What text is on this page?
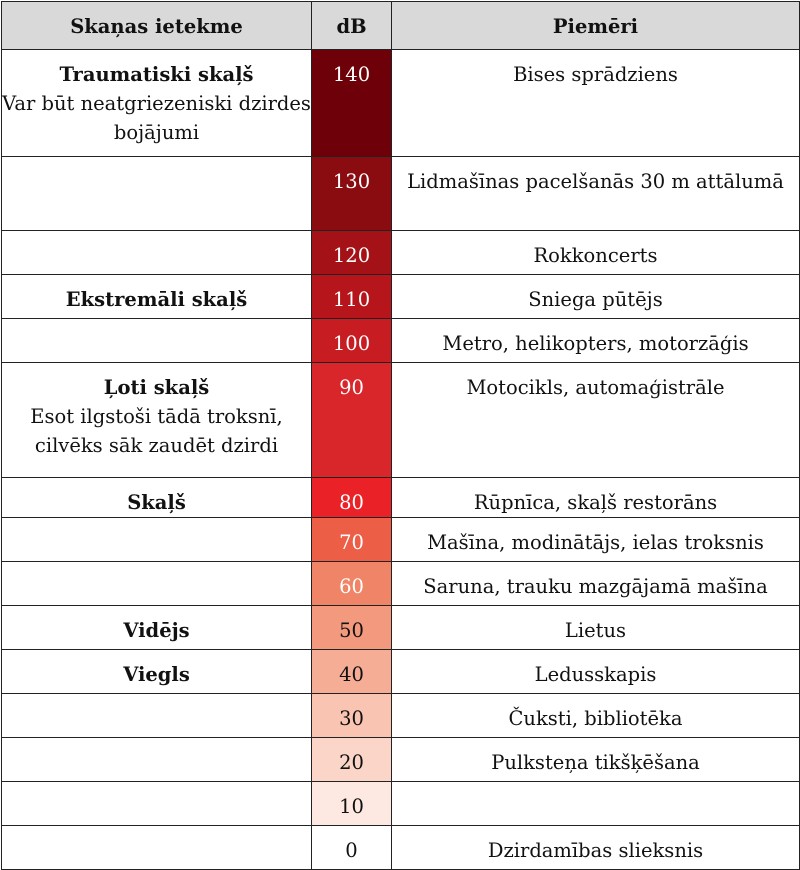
Skaņas ietekme	dB	Piemēri

Traumatiski skaļš
Var būt neatgriezeniski dzirdes bojājumi	140	Bises sprādziens

	130	Lidmašīnas pacelšanās 30 m attālumā

	120	Rokkoncerts

Ekstremāli skaļš	110	Sniega pūtējs

	100	Metro, helikopters, motorzāģis

Ļoti skaļš
Esot ilgstoši tādā troksnī, cilvēks sāk zaudēt dzirdi	90	Motocikls, automaģistrāle

Skaļš	80	Rūpnīca, skaļš restorāns

	70	Mašīna, modinātājs, ielas troksnis

	60	Saruna, trauku mazgājamā mašīna

Vidējs	50	Lietus

Viegls	40	Ledusskapis

	30	Čuksti, bibliotēka

	20	Pulksteņa tikšķēšana

	10	

	0	Dzirdamības slieksnis
